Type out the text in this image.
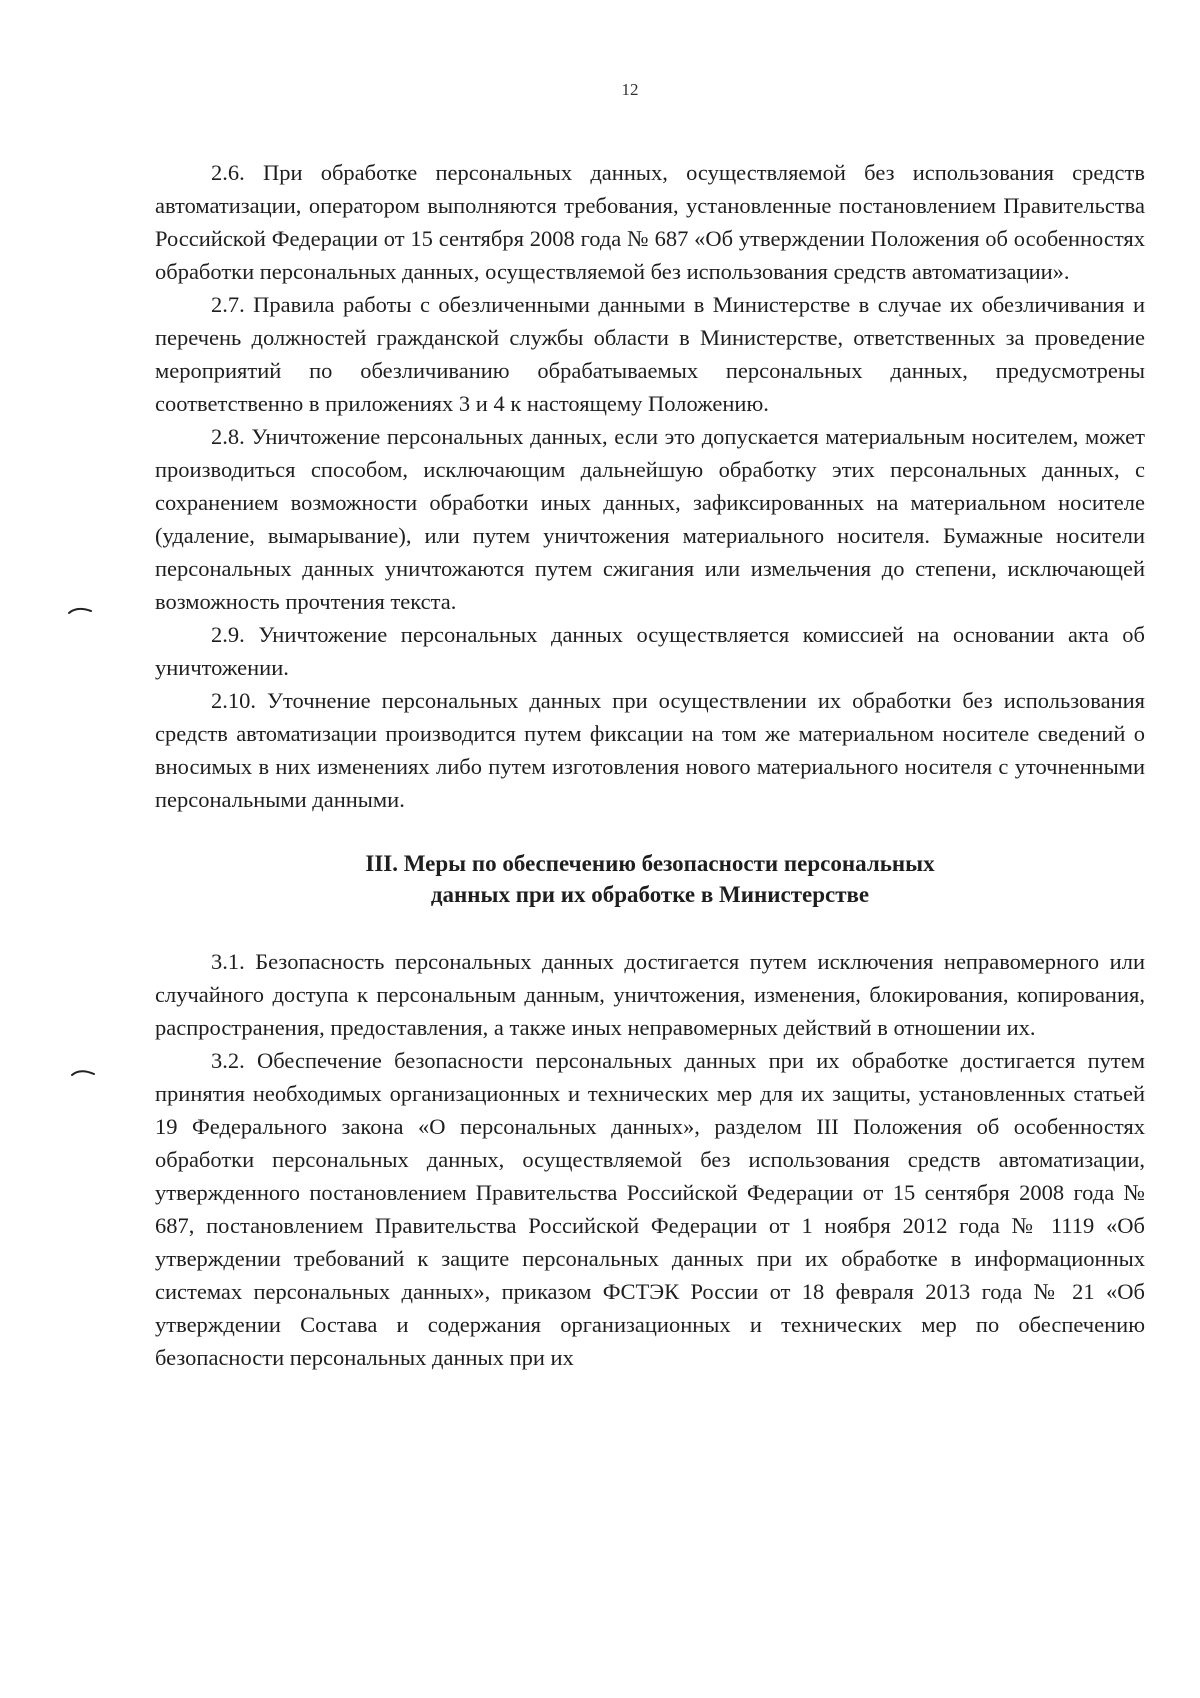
12

2.6. При обработке персональных данных, осуществляемой без использования средств автоматизации, оператором выполняются требования, установленные постановлением Правительства Российской Федерации от 15 сентября 2008 года № 687 «Об утверждении Положения об особенностях обработки персональных данных, осуществляемой без использования средств автоматизации».

2.7. Правила работы с обезличенными данными в Министерстве в случае их обезличивания и перечень должностей гражданской службы области в Министерстве, ответственных за проведение мероприятий по обезличиванию обрабатываемых персональных данных, предусмотрены соответственно в приложениях 3 и 4 к настоящему Положению.

2.8. Уничтожение персональных данных, если это допускается материальным носителем, может производиться способом, исключающим дальнейшую обработку этих персональных данных, с сохранением возможности обработки иных данных, зафиксированных на материальном носителе (удаление, вымарывание), или путем уничтожения материального носителя. Бумажные носители персональных данных уничтожаются путем сжигания или измельчения до степени, исключающей возможность прочтения текста.

2.9. Уничтожение персональных данных осуществляется комиссией на основании акта об уничтожении.

2.10. Уточнение персональных данных при осуществлении их обработки без использования средств автоматизации производится путем фиксации на том же материальном носителе сведений о вносимых в них изменениях либо путем изготовления нового материального носителя с уточненными персональными данными.

III. Меры по обеспечению безопасности персональных
данных при их обработке в Министерстве

3.1. Безопасность персональных данных достигается путем исключения неправомерного или случайного доступа к персональным данным, уничтожения, изменения, блокирования, копирования, распространения, предоставления, а также иных неправомерных действий в отношении их.

3.2. Обеспечение безопасности персональных данных при их обработке достигается путем принятия необходимых организационных и технических мер для их защиты, установленных статьей 19 Федерального закона «О персональных данных», разделом III Положения об особенностях обработки персональных данных, осуществляемой без использования средств автоматизации, утвержденного постановлением Правительства Российской Федерации от 15 сентября 2008 года № 687, постановлением Правительства Российской Федерации от 1 ноября 2012 года № 1119 «Об утверждении требований к защите персональных данных при их обработке в информационных системах персональных данных», приказом ФСТЭК России от 18 февраля 2013 года № 21 «Об утверждении Состава и содержания организационных и технических мер по обеспечению безопасности персональных данных при их
